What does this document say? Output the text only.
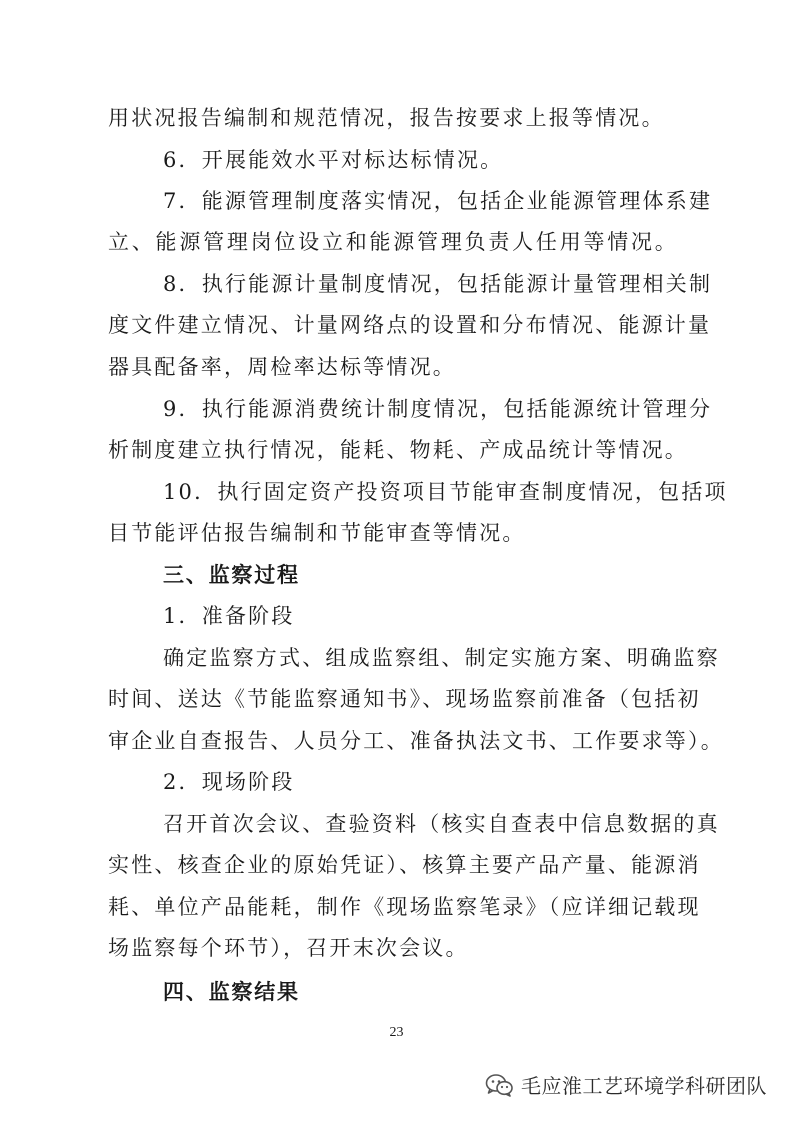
用状况报告编制和规范情况，报告按要求上报等情况。
6．开展能效水平对标达标情况。
7．能源管理制度落实情况，包括企业能源管理体系建
立、能源管理岗位设立和能源管理负责人任用等情况。
8．执行能源计量制度情况，包括能源计量管理相关制
度文件建立情况、计量网络点的设置和分布情况、能源计量
器具配备率，周检率达标等情况。
9．执行能源消费统计制度情况，包括能源统计管理分
析制度建立执行情况，能耗、物耗、产成品统计等情况。
10．执行固定资产投资项目节能审查制度情况，包括项
目节能评估报告编制和节能审查等情况。
三、监察过程
1．准备阶段
确定监察方式、组成监察组、制定实施方案、明确监察
时间、送达《节能监察通知书》、现场监察前准备（包括初
审企业自查报告、人员分工、准备执法文书、工作要求等）。
2．现场阶段
召开首次会议、查验资料（核实自查表中信息数据的真
实性、核查企业的原始凭证）、核算主要产品产量、能源消
耗、单位产品能耗，制作《现场监察笔录》（应详细记载现
场监察每个环节），召开末次会议。
四、监察结果
23
毛应淮工艺环境学科研团队
